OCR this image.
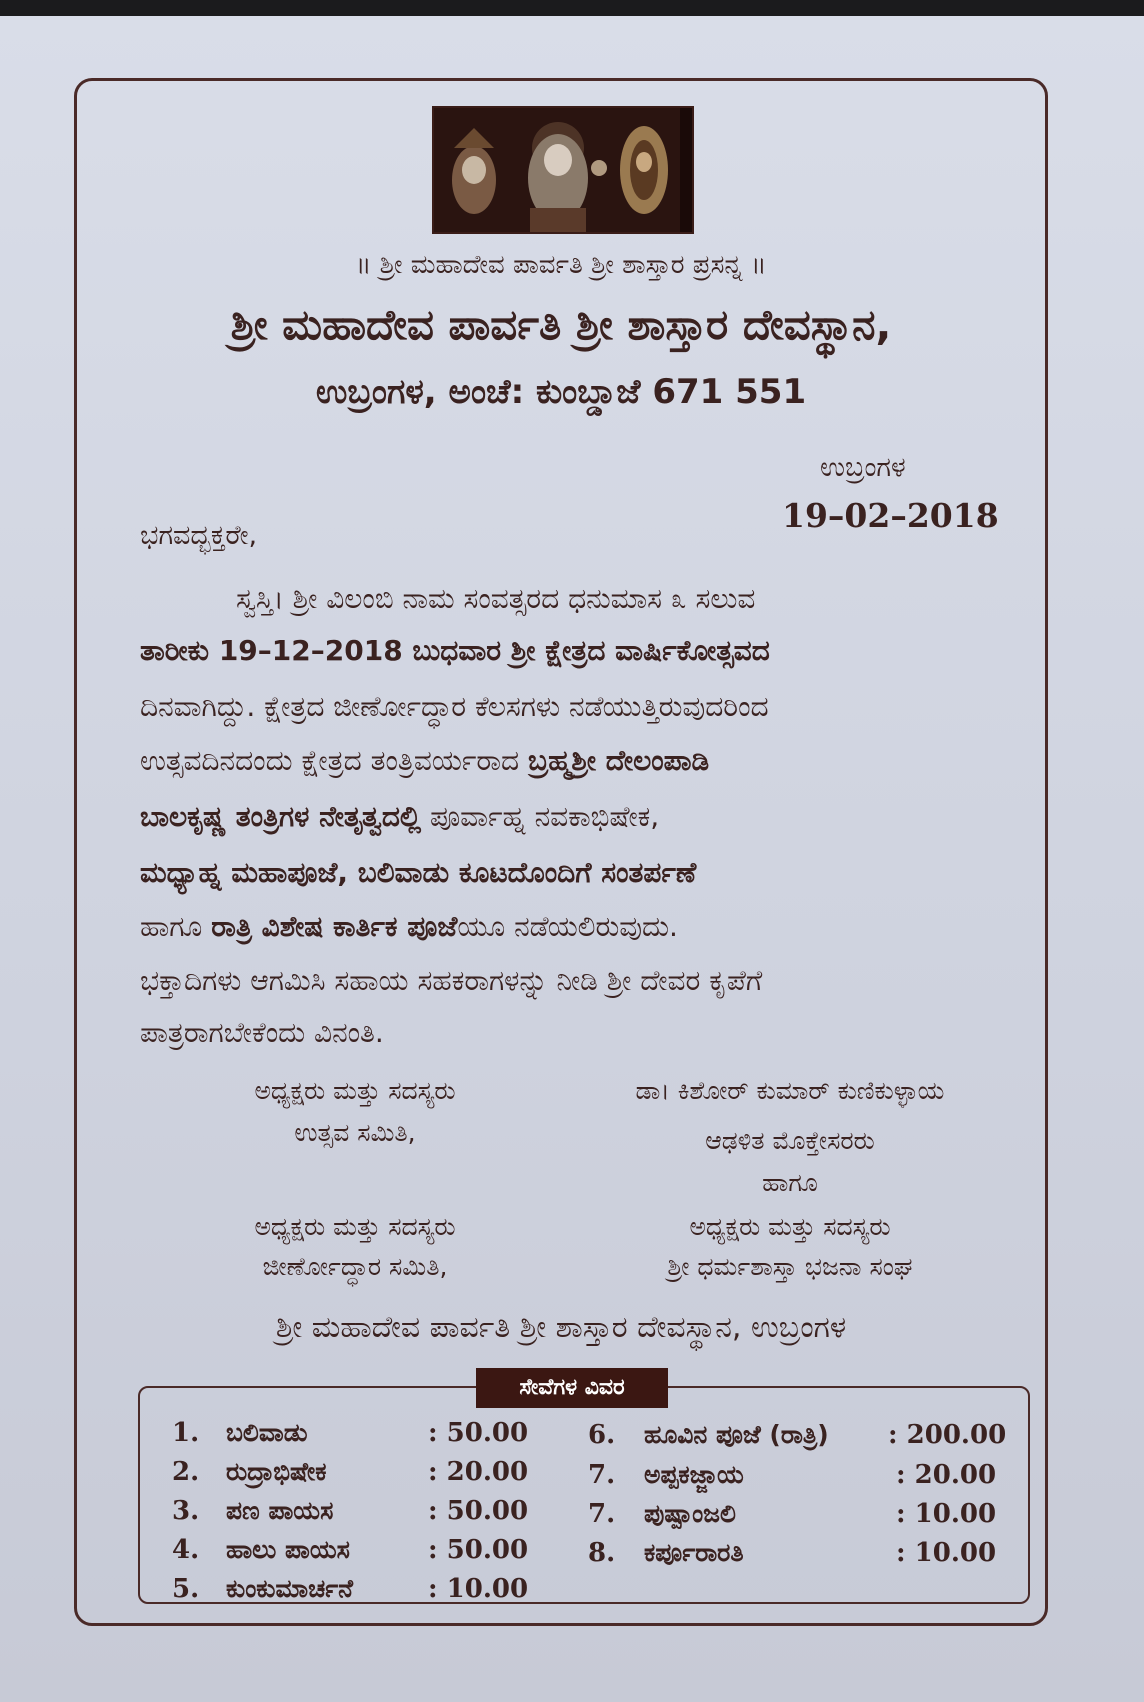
॥ ಶ್ರೀ ಮಹಾದೇವ ಪಾರ್ವತಿ ಶ್ರೀ ಶಾಸ್ತಾರ ಪ್ರಸನ್ನ ॥
ಶ್ರೀ ಮಹಾದೇವ ಪಾರ್ವತಿ ಶ್ರೀ ಶಾಸ್ತಾರ ದೇವಸ್ಥಾನ,
ಉಬ್ರಂಗಳ, ಅಂಚೆ: ಕುಂಬ್ಡಾಜೆ 671 551
ಉಬ್ರಂಗಳ
19–02–2018
ಭಗವದ್ಭಕ್ತರೇ,
ಸ್ವಸ್ತಿ। ಶ್ರೀ ವಿಲಂಬಿ ನಾಮ ಸಂವತ್ಸರದ ಧನುಮಾಸ ೩ ಸಲುವ
ತಾರೀಕು 19–12–2018 ಬುಧವಾರ ಶ್ರೀ ಕ್ಷೇತ್ರದ ವಾರ್ಷಿಕೋತ್ಸವದ
ದಿನವಾಗಿದ್ದು. ಕ್ಷೇತ್ರದ ಜೀರ್ಣೋದ್ಧಾರ ಕೆಲಸಗಳು ನಡೆಯುತ್ತಿರುವುದರಿಂದ
ಉತ್ಸವದಿನದಂದು ಕ್ಷೇತ್ರದ ತಂತ್ರಿವರ್ಯರಾದ ಬ್ರಹ್ಮಶ್ರೀ ದೇಲಂಪಾಡಿ
ಬಾಲಕೃಷ್ಣ ತಂತ್ರಿಗಳ ನೇತೃತ್ವದಲ್ಲಿ ಪೂರ್ವಾಹ್ನ ನವಕಾಭಿಷೇಕ,
ಮಧ್ಯಾಹ್ನ ಮಹಾಪೂಜೆ, ಬಲಿವಾಡು ಕೂಟದೊಂದಿಗೆ ಸಂತರ್ಪಣೆ
ಹಾಗೂ ರಾತ್ರಿ ವಿಶೇಷ ಕಾರ್ತಿಕ ಪೂಜೆಯೂ ನಡೆಯಲಿರುವುದು.
ಭಕ್ತಾದಿಗಳು ಆಗಮಿಸಿ ಸಹಾಯ ಸಹಕರಾಗಳನ್ನು ನೀಡಿ ಶ್ರೀ ದೇವರ ಕೃಪೆಗೆ
ಪಾತ್ರರಾಗಬೇಕೆಂದು ವಿನಂತಿ.
ಅಧ್ಯಕ್ಷರು ಮತ್ತು ಸದಸ್ಯರು
ಉತ್ಸವ ಸಮಿತಿ,
ಅಧ್ಯಕ್ಷರು ಮತ್ತು ಸದಸ್ಯರು
ಜೀರ್ಣೋದ್ಧಾರ ಸಮಿತಿ,
ಡಾ। ಕಿಶೋರ್ ಕುಮಾರ್ ಕುಣಿಕುಳ್ಳಾಯ
ಆಢಳಿತ ಮೊಕ್ತೇಸರರು
ಹಾಗೂ
ಅಧ್ಯಕ್ಷರು ಮತ್ತು ಸದಸ್ಯರು
ಶ್ರೀ ಧರ್ಮಶಾಸ್ತಾ ಭಜನಾ ಸಂಘ
ಶ್ರೀ ಮಹಾದೇವ ಪಾರ್ವತಿ ಶ್ರೀ ಶಾಸ್ತಾರ ದೇವಸ್ಥಾನ, ಉಬ್ರಂಗಳ
ಸೇವೆಗಳ ವಿವರ
1. ಬಲಿವಾಡು	: 50.00
2. ರುದ್ರಾಭಿಷೇಕ	: 20.00
3. ಪಣ ಪಾಯಸ	: 50.00
4. ಹಾಲು ಪಾಯಸ	: 50.00
5. ಕುಂಕುಮಾರ್ಚನೆ	: 10.00
6. ಹೂವಿನ ಪೂಜೆ (ರಾತ್ರಿ) : 200.00
7. ಅಪ್ಪಕಜ್ಜಾಯ	: 20.00
7. ಪುಷ್ಪಾಂಜಲಿ	: 10.00
8. ಕರ್ಪೂರಾರತಿ	: 10.00
